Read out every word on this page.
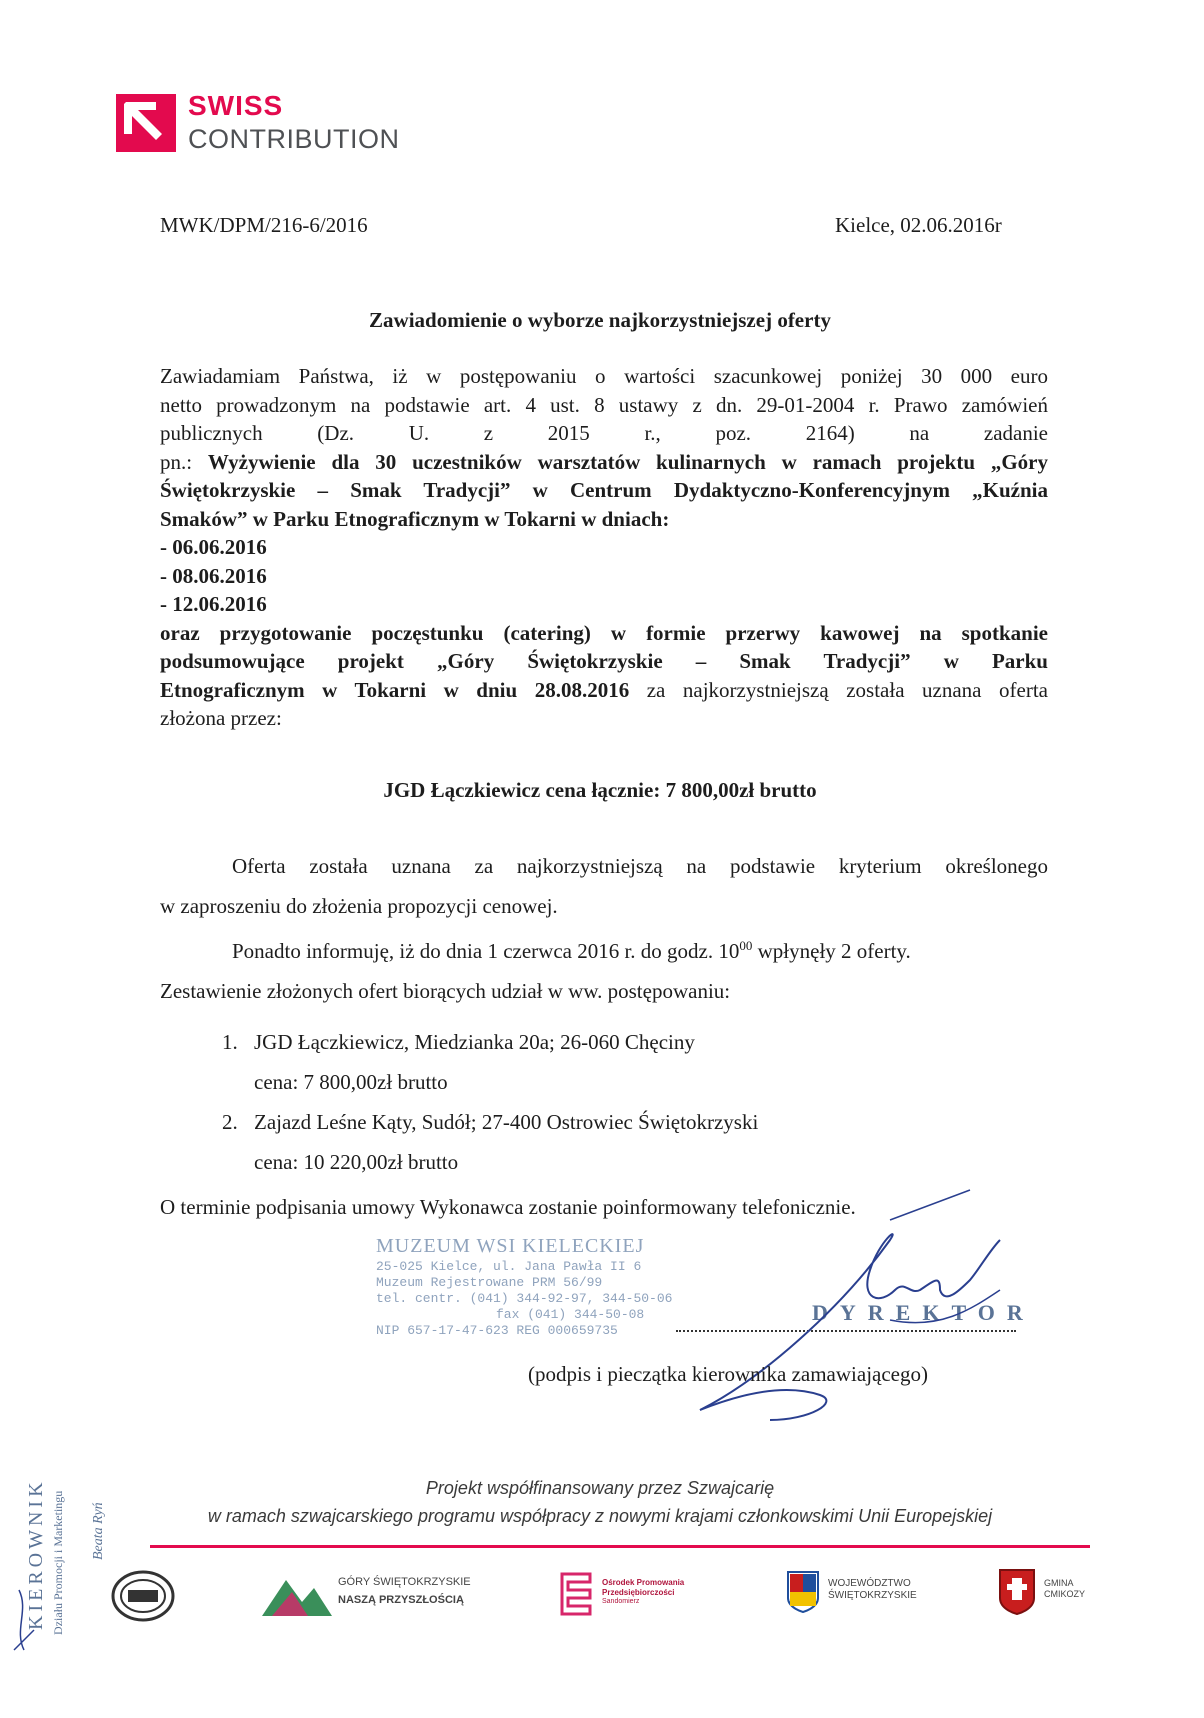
SWISS
CONTRIBUTION
MWK/DPM/216-6/2016	Kielce, 02.06.2016r
Zawiadomienie o wyborze najkorzystniejszej oferty
Zawiadamiam Państwa, iż w postępowaniu o wartości szacunkowej poniżej 30 000 euro
netto prowadzonym na podstawie art. 4 ust. 8 ustawy z dn. 29-01-2004 r. Prawo zamówień
publicznych (Dz. U. z 2015 r., poz. 2164) na zadanie
pn.: Wyżywienie dla 30 uczestników warsztatów kulinarnych w ramach projektu „Góry
Świętokrzyskie – Smak Tradycji” w Centrum Dydaktyczno-Konferencyjnym „Kuźnia
Smaków” w Parku Etnograficznym w Tokarni w dniach:
- 06.06.2016
- 08.06.2016
- 12.06.2016
oraz przygotowanie poczęstunku (catering) w formie przerwy kawowej na spotkanie
podsumowujące projekt „Góry Świętokrzyskie – Smak Tradycji” w Parku
Etnograficznym w Tokarni w dniu 28.08.2016 za najkorzystniejszą została uznana oferta
złożona przez:
JGD Łączkiewicz cena łącznie: 7 800,00zł brutto
Oferta została uznana za najkorzystniejszą na podstawie kryterium określonego
w zaproszeniu do złożenia propozycji cenowej.
Ponadto informuję, iż do dnia 1 czerwca 2016 r. do godz. $10^{00}$ wpłynęły 2 oferty.
Zestawienie złożonych ofert biorących udział w ww. postępowaniu:
1. JGD Łączkiewicz, Miedzianka 20a; 26-060 Chęciny
cena: 7 800,00zł brutto
2. Zajazd Leśne Kąty, Sudół; 27-400 Ostrowiec Świętokrzyski
cena: 10 220,00zł brutto
O terminie podpisania umowy Wykonawca zostanie poinformowany telefonicznie.
MUZEUM WSI KIELECKIEJ
25-025 Kielce, ul. Jana Pawła II 6
Muzeum Rejestrowane PRM 56/99
tel. centr. (041) 344-92-97, 344-50-06
fax (041) 344-50-08
NIP 657-17-47-623 REG 000659735
DYREKTOR
(podpis i pieczątka kierownika zamawiającego)
KIEROWNIK Działu Promocji i Marketingu Beata Ryń
Projekt współfinansowany przez Szwajcarię
w ramach szwajcarskiego programu współpracy z nowymi krajami członkowskimi Unii Europejskiej
GÓRY ŚWIĘTOKRZYSKIE
NASZĄ PRZYSZŁOŚCIĄ
Ośrodek Promowania
Przedsiębiorczości
Sandomierz
WOJEWÓDZTWO
ŚWIĘTOKRZYSKIE
GMINA
CMIKOZY
